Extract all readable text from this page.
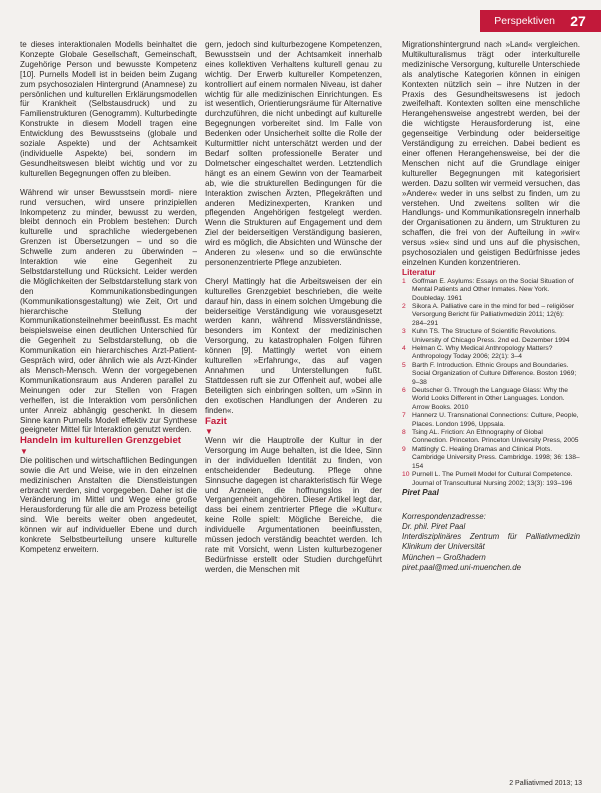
Perspektiven	27

te dieses interaktionalen Modells beinhaltet die Konzepte Globale Gesellschaft, Gemeinschaft, Zugehörige Person und bewusste Kompetenz [10]. Purnells Modell ist in beiden beim Zugang zum psychosozialen Hintergrund (Anamnese) zu persönlichen und kulturellen Erklärungsmodellen für Krankheit (Selbstausdruck) und zu Familienstrukturen (Genogramm). Kulturbedingte Konstrukte in diesem Modell tragen eine Entwicklung des Bewusstseins (globale und soziale Aspekte) und der Achtsamkeit (individuelle Aspekte) bei, sondern im Gesundheitswesen bleibt wichtig und vor zu kulturellen Begegnungen offen zu bleiben.

Während wir unser Bewusstsein mordi- niere rund versuchen, wird unsere prinzipiellen Inkompetenz zu minder, bewusst zu werden, bleibt dennoch ein Problem bestehen: Durch kulturelle und sprachliche wiedergebenen Grenzen ist Übersetzungen – und so die Schwelle zum anderen zu überwinden – Interaktion wie eine Gegenheit zu Selbstdarstellung und Rücksicht. Leider werden die Möglichkeiten der Selbstdarstellung stark von den Kommunikationsbedingungen (Kommunikationsgestaltung) wie Zeit, Ort und hierarchische Stellung der Kommunikationsteilnehmer beeinflusst. Es macht beispielsweise einen deutlichen Unterschied für die Gegenheit zu Selbstdarstellung, ob die Kommunikation ein hierarchisches Arzt-Patient-Gespräch wird, oder ähnlich wie als Arzt-Kinder als Mensch-Mensch. Wenn der vorgegebenen Kommunikationsraum aus Anderen parallel zu Meinungen oder zur Stellen von Fragen verhelfen, ist die Interaktion vom persönlichen unter Anreiz abhängig geschenkt. In diesem Sinne kann Purnells Modell effektiv zur Synthese geeigneter Mittel für Interaktion genutzt werden.

Handeln im kulturellen Grenzgebiet

▼

Die politischen und wirtschaftlichen Bedingungen sowie die Art und Weise, wie in den einzelnen medizinischen Anstalten die Dienstleistungen erbracht werden, sind vorgegeben. Daher ist die Veränderung im Mittel und Wege eine große Herausforderung für alle die am Prozess beteiligt sind. Wie bereits weiter oben angedeutet, können wir auf individueller Ebene und durch konkrete Selbstbeurteilung unsere kulturelle Kompetenz erweitern.

gern, jedoch sind kulturbezogene Kompetenzen, Bewusstsein und der Achtsamkeit innerhalb eines kollektiven Verhaltens kulturell genau zu wichtig. Der Erwerb kultureller Kompetenzen, kontrolliert auf einem normalen Niveau, ist daher wichtig für alle medizinischen Einrichtungen. Es ist wesentlich, Orientierungsräume für Alternative durchzuführen, die nicht unbedingt auf kulturelle Begegnungen vorbereitet sind. Im Falle von Bedenken oder Unsicherheit sollte die Rolle der Kulturmittler nicht unterschätzt werden und der Bedarf sollten professionelle Berater und Dolmetscher eingeschaltet werden. Letztendlich hängt es an einem Gewinn von der Teamarbeit ab, wie die strukturellen Bedingungen für die Interaktion zwischen Ärzten, Pflegekräften und anderen Medizinexperten, Kranken und pflegenden Angehörigen festgelegt werden. Wenn die Strukturen auf Engagement und dem Ziel der beiderseitigen Verständigung basieren, wird es möglich, die Absichten und Wünsche der Anderen zu »lesen« und so die erwünschte personenzentrierte Pflege anzubieten.

Cheryl Mattingly hat die Arbeitsweisen der ein kulturelles Grenzgebiet beschrieben, die weite darauf hin, dass in einem solchen Umgebung die beiderseitige Verständigung wie vorausgesetzt werden kann, während Missverständnisse, besonders im Kontext der medizinischen Versorgung, zu katastrophalen Folgen führen können [9]. Mattingly wertet von einem kulturellen »Erfahrung«, das auf vagen Annahmen und Unterstellungen fußt. Stattdessen ruft sie zur Offenheit auf, wobei alle Beteiligten sich einbringen sollten, um »Sinn in den exotischen Handlungen der Anderen zu finden«.

Fazit

▼

Wenn wir die Hauptrolle der Kultur in der Versorgung im Auge behalten, ist die Idee, Sinn in der individuellen Identität zu finden, von entscheidender Bedeutung. Pflege ohne Sinnsuche dagegen ist charakteristisch für Wege und Arzneien, die hoffnungslos in der Vergangenheit angehören. Dieser Artikel legt dar, dass bei einem zentrierter Pflege die »Kultur« keine Rolle spielt: Mögliche Bereiche, die individuelle Argumentationen beeinflussten, müssen jedoch verständig beachtet werden. Ich rate mit Vorsicht, wenn Listen kulturbezogener Bedürfnisse erstellt oder Studien durchgeführt werden, die Menschen mit

Migrationshintergrund nach »Land« vergleichen. Multikulturalismus trägt oder interkulturelle medizinische Versorgung, kulturelle Unterschiede als analytische Kategorien können in einigen Kontexten nützlich sein – ihre Nutzen in der Praxis des Gesundheitswesens ist jedoch zweifelhaft. Kontexten sollten eine menschliche Herangehensweise angestrebt werden, bei der die wichtigste Herausforderung ist, eine gegenseitige Verbindung oder beiderseitige Verständigung zu erreichen. Dabei bedient es einer offenen Herangehensweise, bei der die Menschen nicht auf die Grundlage einiger kultureller Begegnungen mit kategorisiert werden. Dazu sollten wir vermeid versuchen, das »Andere« weder in uns selbst zu finden, um zu verstehen. Und zweitens sollten wir die Handlungs- und Kommunikationsregeln innerhalb der Organisationen zu ändern, um Strukturen zu schaffen, die frei von der Aufteilung in »wir« versus »sie« sind und uns auf die physischen, psychosozialen und geistigen Bedürfnisse jedes einzelnen Kunden konzentrieren.

Literatur

1 Goffman E. Asylums: Essays on the Social Situation of Mental Patients and Other Inmates. New York. Doubleday. 1961
2 Sikora A. Palliative care in the mind for bed – religiöser Versorgung Bericht für Palliativmedizin 2011; 12(6): 284–291
3 Kuhn TS. The Structure of Scientific Revolutions. University of Chicago Press. 2nd ed. Dezember 1994
4 Helman C. Why Medical Anthropology Matters? Anthropology Today 2006; 22(1): 3–4
5 Barth F. Introduction. Ethnic Groups and Boundaries. Social Organization of Culture Difference. Boston 1969; 9–38
6 Deutscher G. Through the Language Glass: Why the World Looks Different in Other Languages. London. Arrow Books. 2010
7 Hannerz U. Transnational Connections: Culture, People, Places. London 1996, Uppsala.
8 Tsing AL. Friction: An Ethnography of Global Connection. Princeton. Princeton University Press, 2005
9 Mattingly C. Healing Dramas and Clinical Plots. Cambridge University Press. Cambridge. 1998; 36: 138–154
10 Purnell L. The Purnell Model for Cultural Competence. Journal of Transcultural Nursing 2002; 13(3): 193–196

Piret Paal

Korrespondenzadresse:
Dr. phil. Piret Paal
Interdisziplinäres Zentrum für Palliativmedizin Klinikum der Universität
München – Großhadern
piret.paal@med.uni-muenchen.de
2 Palliativmed 2013; 13
